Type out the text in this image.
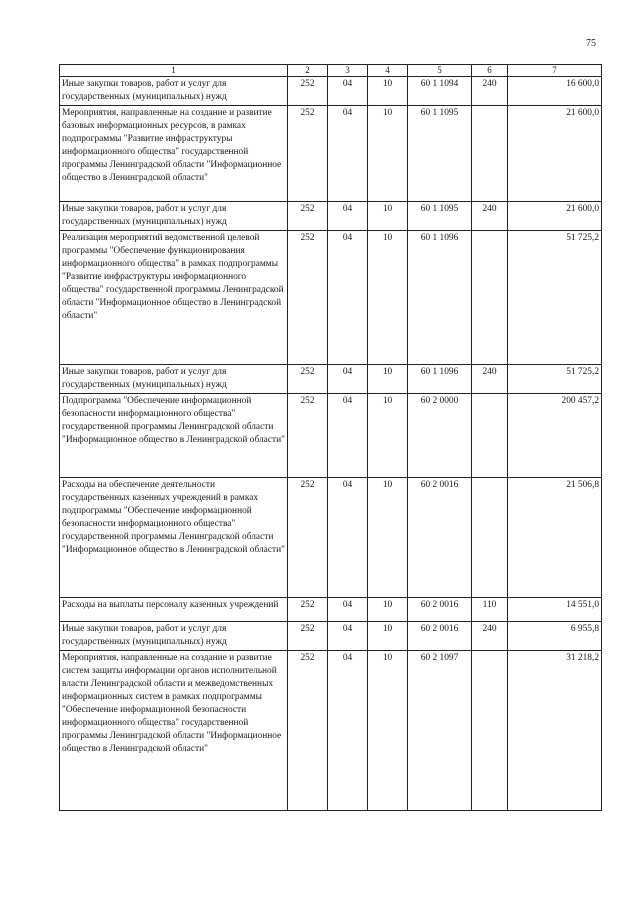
75
1	2	3	4	5	6	7
Иные закупки товаров, работ и услуг для государственных (муниципальных) нужд	252	04	10	60 1 1094	240	16 600,0
Мероприятия, направленные на создание и развитие базовых информационных ресурсов, в рамках подпрограммы "Развитие инфраструктуры информационного общества" государственной программы Ленинградской области "Информационное общество в Ленинградской области"	252	04	10	60 1 1095		21 600,0
Иные закупки товаров, работ и услуг для государственных (муниципальных) нужд	252	04	10	60 1 1095	240	21 600,0
Реализация мероприятий ведомственной целевой программы "Обеспечение функционирования информационного общества" в рамках подпрограммы "Развитие инфраструктуры информационного общества" государственной программы Ленинградской области "Информационное общество в Ленинградской области"	252	04	10	60 1 1096		51 725,2
Иные закупки товаров, работ и услуг для государственных (муниципальных) нужд	252	04	10	60 1 1096	240	51 725,2
Подпрограмма "Обеспечение информационной безопасности информационного общества" государственной программы Ленинградской области "Информационное общество в Ленинградской области"	252	04	10	60 2 0000		200 457,2
Расходы на обеспечение деятельности государственных казенных учреждений в рамках подпрограммы "Обеспечение информационной безопасности информационного общества" государственной программы Ленинградской области "Информационное общество в Ленинградской области"	252	04	10	60 2 0016		21 506,8
Расходы на выплаты персоналу казенных учреждений	252	04	10	60 2 0016	110	14 551,0
Иные закупки товаров, работ и услуг для государственных (муниципальных) нужд	252	04	10	60 2 0016	240	6 955,8
Мероприятия, направленные на создание и развитие систем защиты информации органов исполнительной власти Ленинградской области и межведомственных информационных систем в рамках подпрограммы "Обеспечение информационной безопасности информационного общества" государственной программы Ленинградской области "Информационное общество в Ленинградской области"	252	04	10	60 2 1097		31 218,2
